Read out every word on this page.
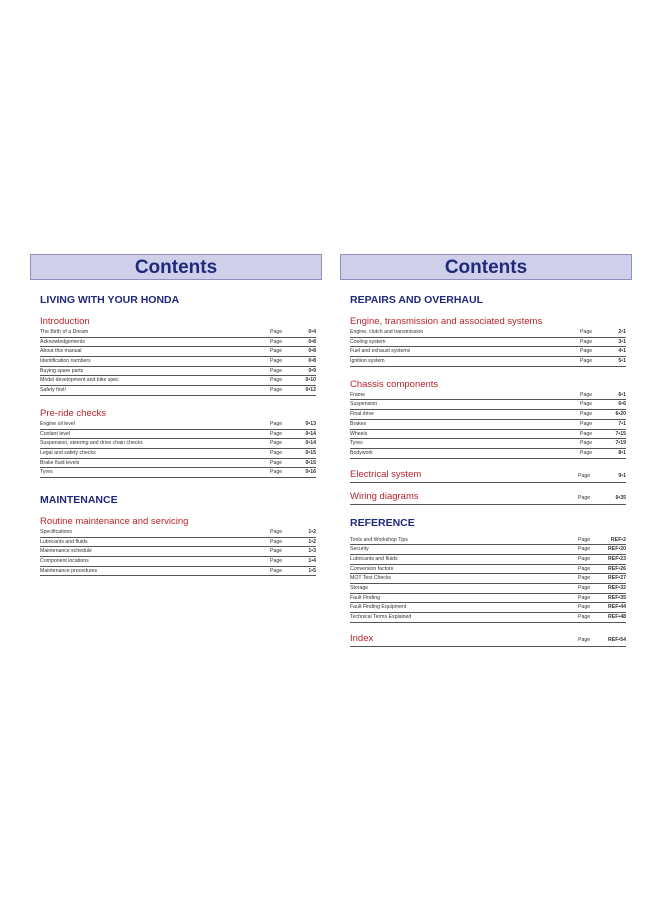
Contents
LIVING WITH YOUR HONDA
Introduction
The Birth of a Dream	Page	0•4
Acknowledgements	Page	0•8
About this manual	Page	0•8
Identification numbers	Page	0•8
Buying spare parts	Page	0•9
Model development and bike spec	Page	0•10
Safety first!	Page	0•12
Pre-ride checks
Engine oil level	Page	0•13
Coolant level	Page	0•14
Suspension, steering and drive chain checks	Page	0•14
Legal and safety checks	Page	0•15
Brake fluid levels	Page	0•15
Tyres	Page	0•16
MAINTENANCE
Routine maintenance and servicing
Specifications	Page	1•2
Lubricants and fluids	Page	1•2
Maintenance schedule	Page	1•3
Component locations	Page	1•4
Maintenance procedures	Page	1•5
Contents
REPAIRS AND OVERHAUL
Engine, transmission and associated systems
Engine, clutch and transmission	Page	2•1
Cooling system	Page	3•1
Fuel and exhaust systems	Page	4•1
Ignition system	Page	5•1
Chassis components
Frame	Page	6•1
Suspension	Page	6•6
Final drive	Page	6•20
Brakes	Page	7•1
Wheels	Page	7•15
Tyres	Page	7•19
Bodywork	Page	8•1
Electrical system	Page	9•1
Wiring diagrams	Page	9•35
REFERENCE
Tools and Workshop Tips	Page	REF•2
Security	Page	REF•20
Lubricants and fluids	Page	REF•23
Conversion factors	Page	REF•26
MOT Test Checks	Page	REF•27
Storage	Page	REF•32
Fault Finding	Page	REF•35
Fault Finding Equipment	Page	REF•44
Technical Terms Explained	Page	REF•48
Index	Page	REF•54
